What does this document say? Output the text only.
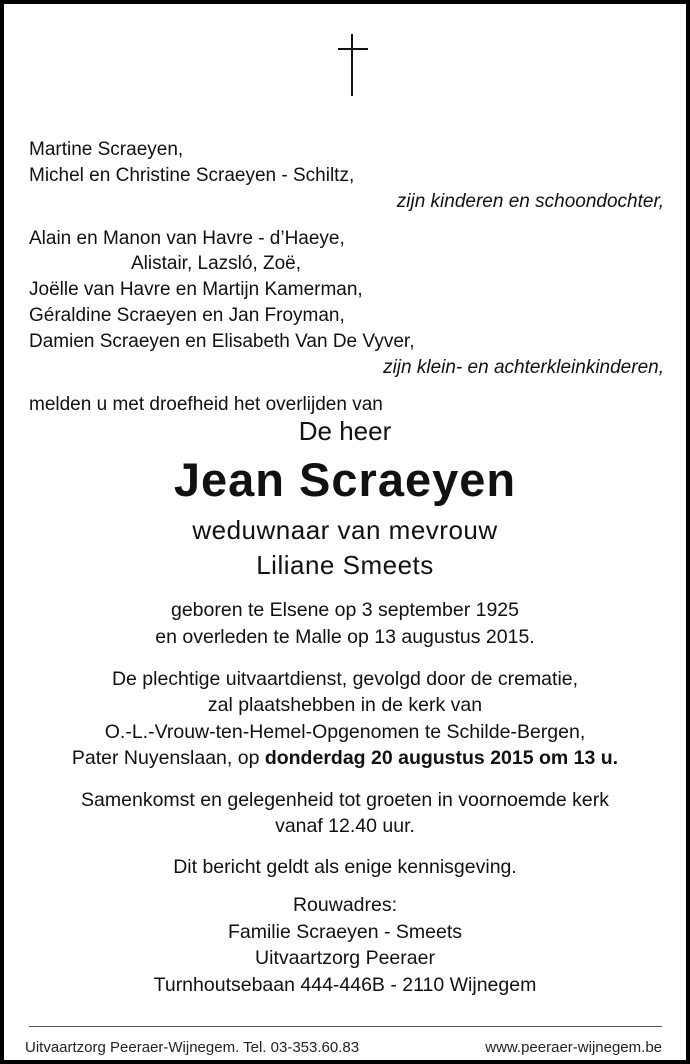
Martine Scraeyen,
Michel en Christine Scraeyen - Schiltz,
zijn kinderen en schoondochter,
Alain en Manon van Havre - d’Haeye,
Alistair, Lazsló, Zoë,
Joëlle van Havre en Martijn Kamerman,
Géraldine Scraeyen en Jan Froyman,
Damien Scraeyen en Elisabeth Van De Vyver,
zijn klein- en achterkleinkinderen,
melden u met droefheid het overlijden van
De heer
Jean Scraeyen
weduwnaar van mevrouw
Liliane Smeets
geboren te Elsene op 3 september 1925
en overleden te Malle op 13 augustus 2015.
De plechtige uitvaartdienst, gevolgd door de crematie,
zal plaatshebben in de kerk van
O.-L.-Vrouw-ten-Hemel-Opgenomen te Schilde-Bergen,
Pater Nuyenslaan, op donderdag 20 augustus 2015 om 13 u.
Samenkomst en gelegenheid tot groeten in voornoemde kerk
vanaf 12.40 uur.
Dit bericht geldt als enige kennisgeving.
Rouwadres:
Familie Scraeyen - Smeets
Uitvaartzorg Peeraer
Turnhoutsebaan 444-446B - 2110 Wijnegem
Uitvaartzorg Peeraer-Wijnegem. Tel. 03-353.60.83	www.peeraer-wijnegem.be
